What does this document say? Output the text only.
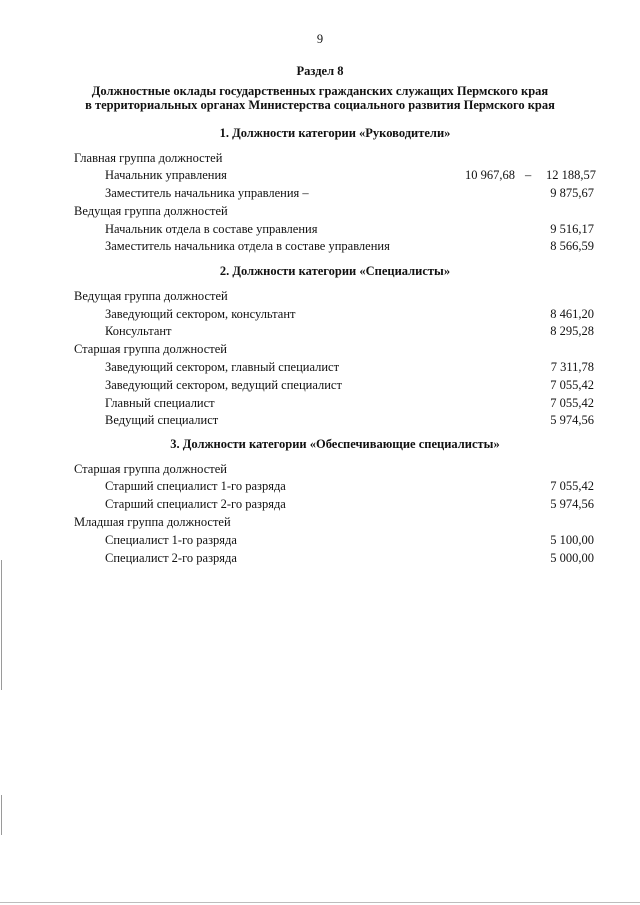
9
Раздел 8
Должностные оклады государственных гражданских служащих Пермского края
в территориальных органах Министерства социального развития Пермского края
1. Должности категории «Руководители»
Главная группа должностей
Начальник управления	10 967,68 – 12 188,57
Заместитель начальника управления –	9 875,67
Ведущая группа должностей
Начальник отдела в составе управления	9 516,17
Заместитель начальника отдела в составе управления	8 566,59
2. Должности категории «Специалисты»
Ведущая группа должностей
Заведующий сектором, консультант	8 461,20
Консультант	8 295,28
Старшая группа должностей
Заведующий сектором, главный специалист	7 311,78
Заведующий сектором, ведущий специалист	7 055,42
Главный специалист	7 055,42
Ведущий специалист	5 974,56
3. Должности категории «Обеспечивающие специалисты»
Старшая группа должностей
Старший специалист 1-го разряда	7 055,42
Старший специалист 2-го разряда	5 974,56
Младшая группа должностей
Специалист 1-го разряда	5 100,00
Специалист 2-го разряда	5 000,00
